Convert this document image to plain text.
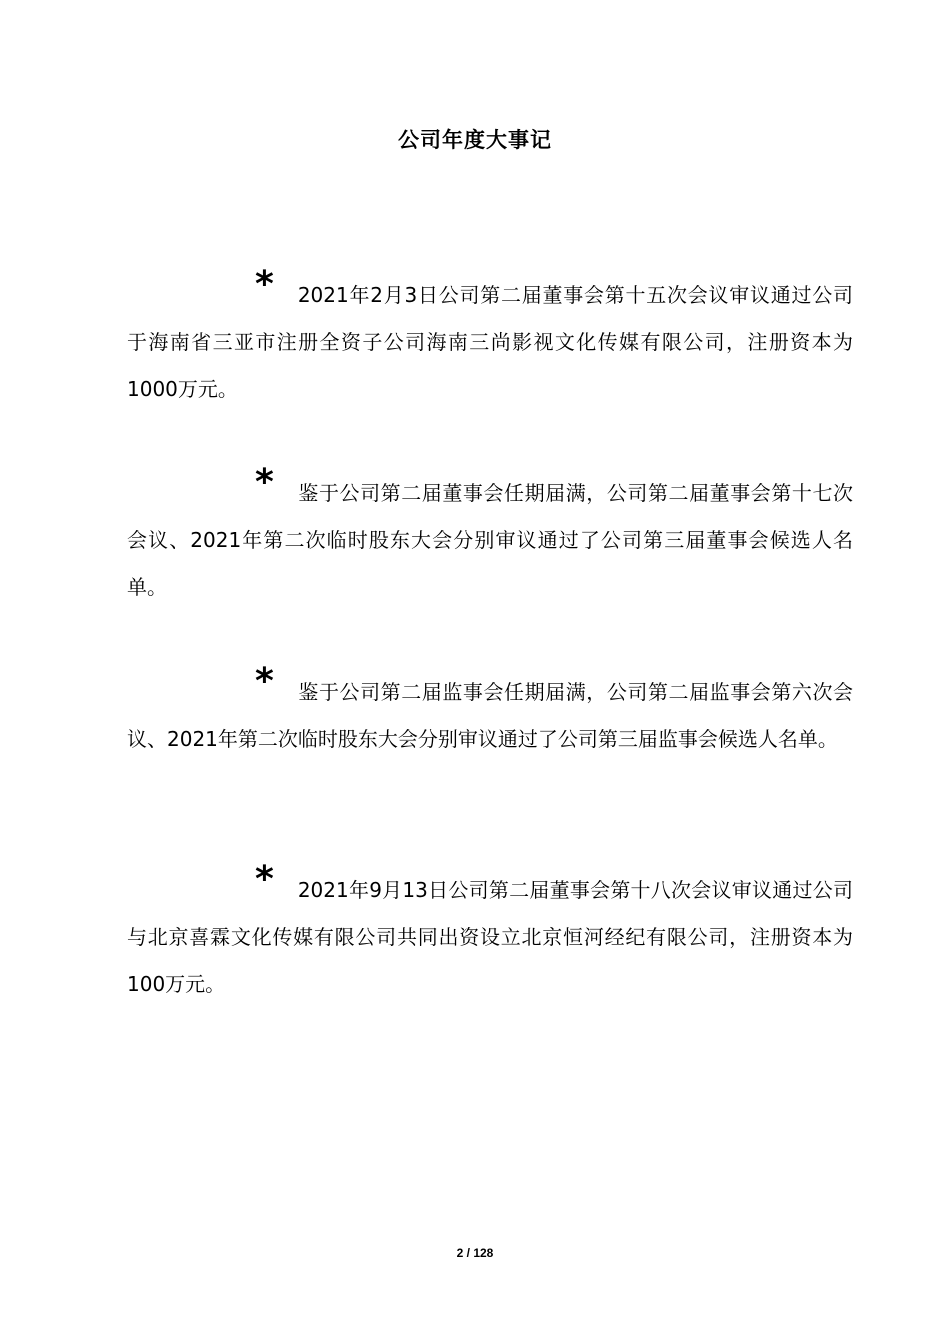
公司年度大事记
* 2021年2月3日公司第二届董事会第十五次会议审议通过公司于海南省三亚市注册全资子公司海南三尚影视文化传媒有限公司，注册资本为1000万元。
* 鉴于公司第二届董事会任期届满，公司第二届董事会第十七次会议、2021年第二次临时股东大会分别审议通过了公司第三届董事会候选人名单。
* 鉴于公司第二届监事会任期届满，公司第二届监事会第六次会议、2021年第二次临时股东大会分别审议通过了公司第三届监事会候选人名单。
* 2021年9月13日公司第二届董事会第十八次会议审议通过公司与北京喜霖文化传媒有限公司共同出资设立北京恒河经纪有限公司，注册资本为100万元。
2 / 128
